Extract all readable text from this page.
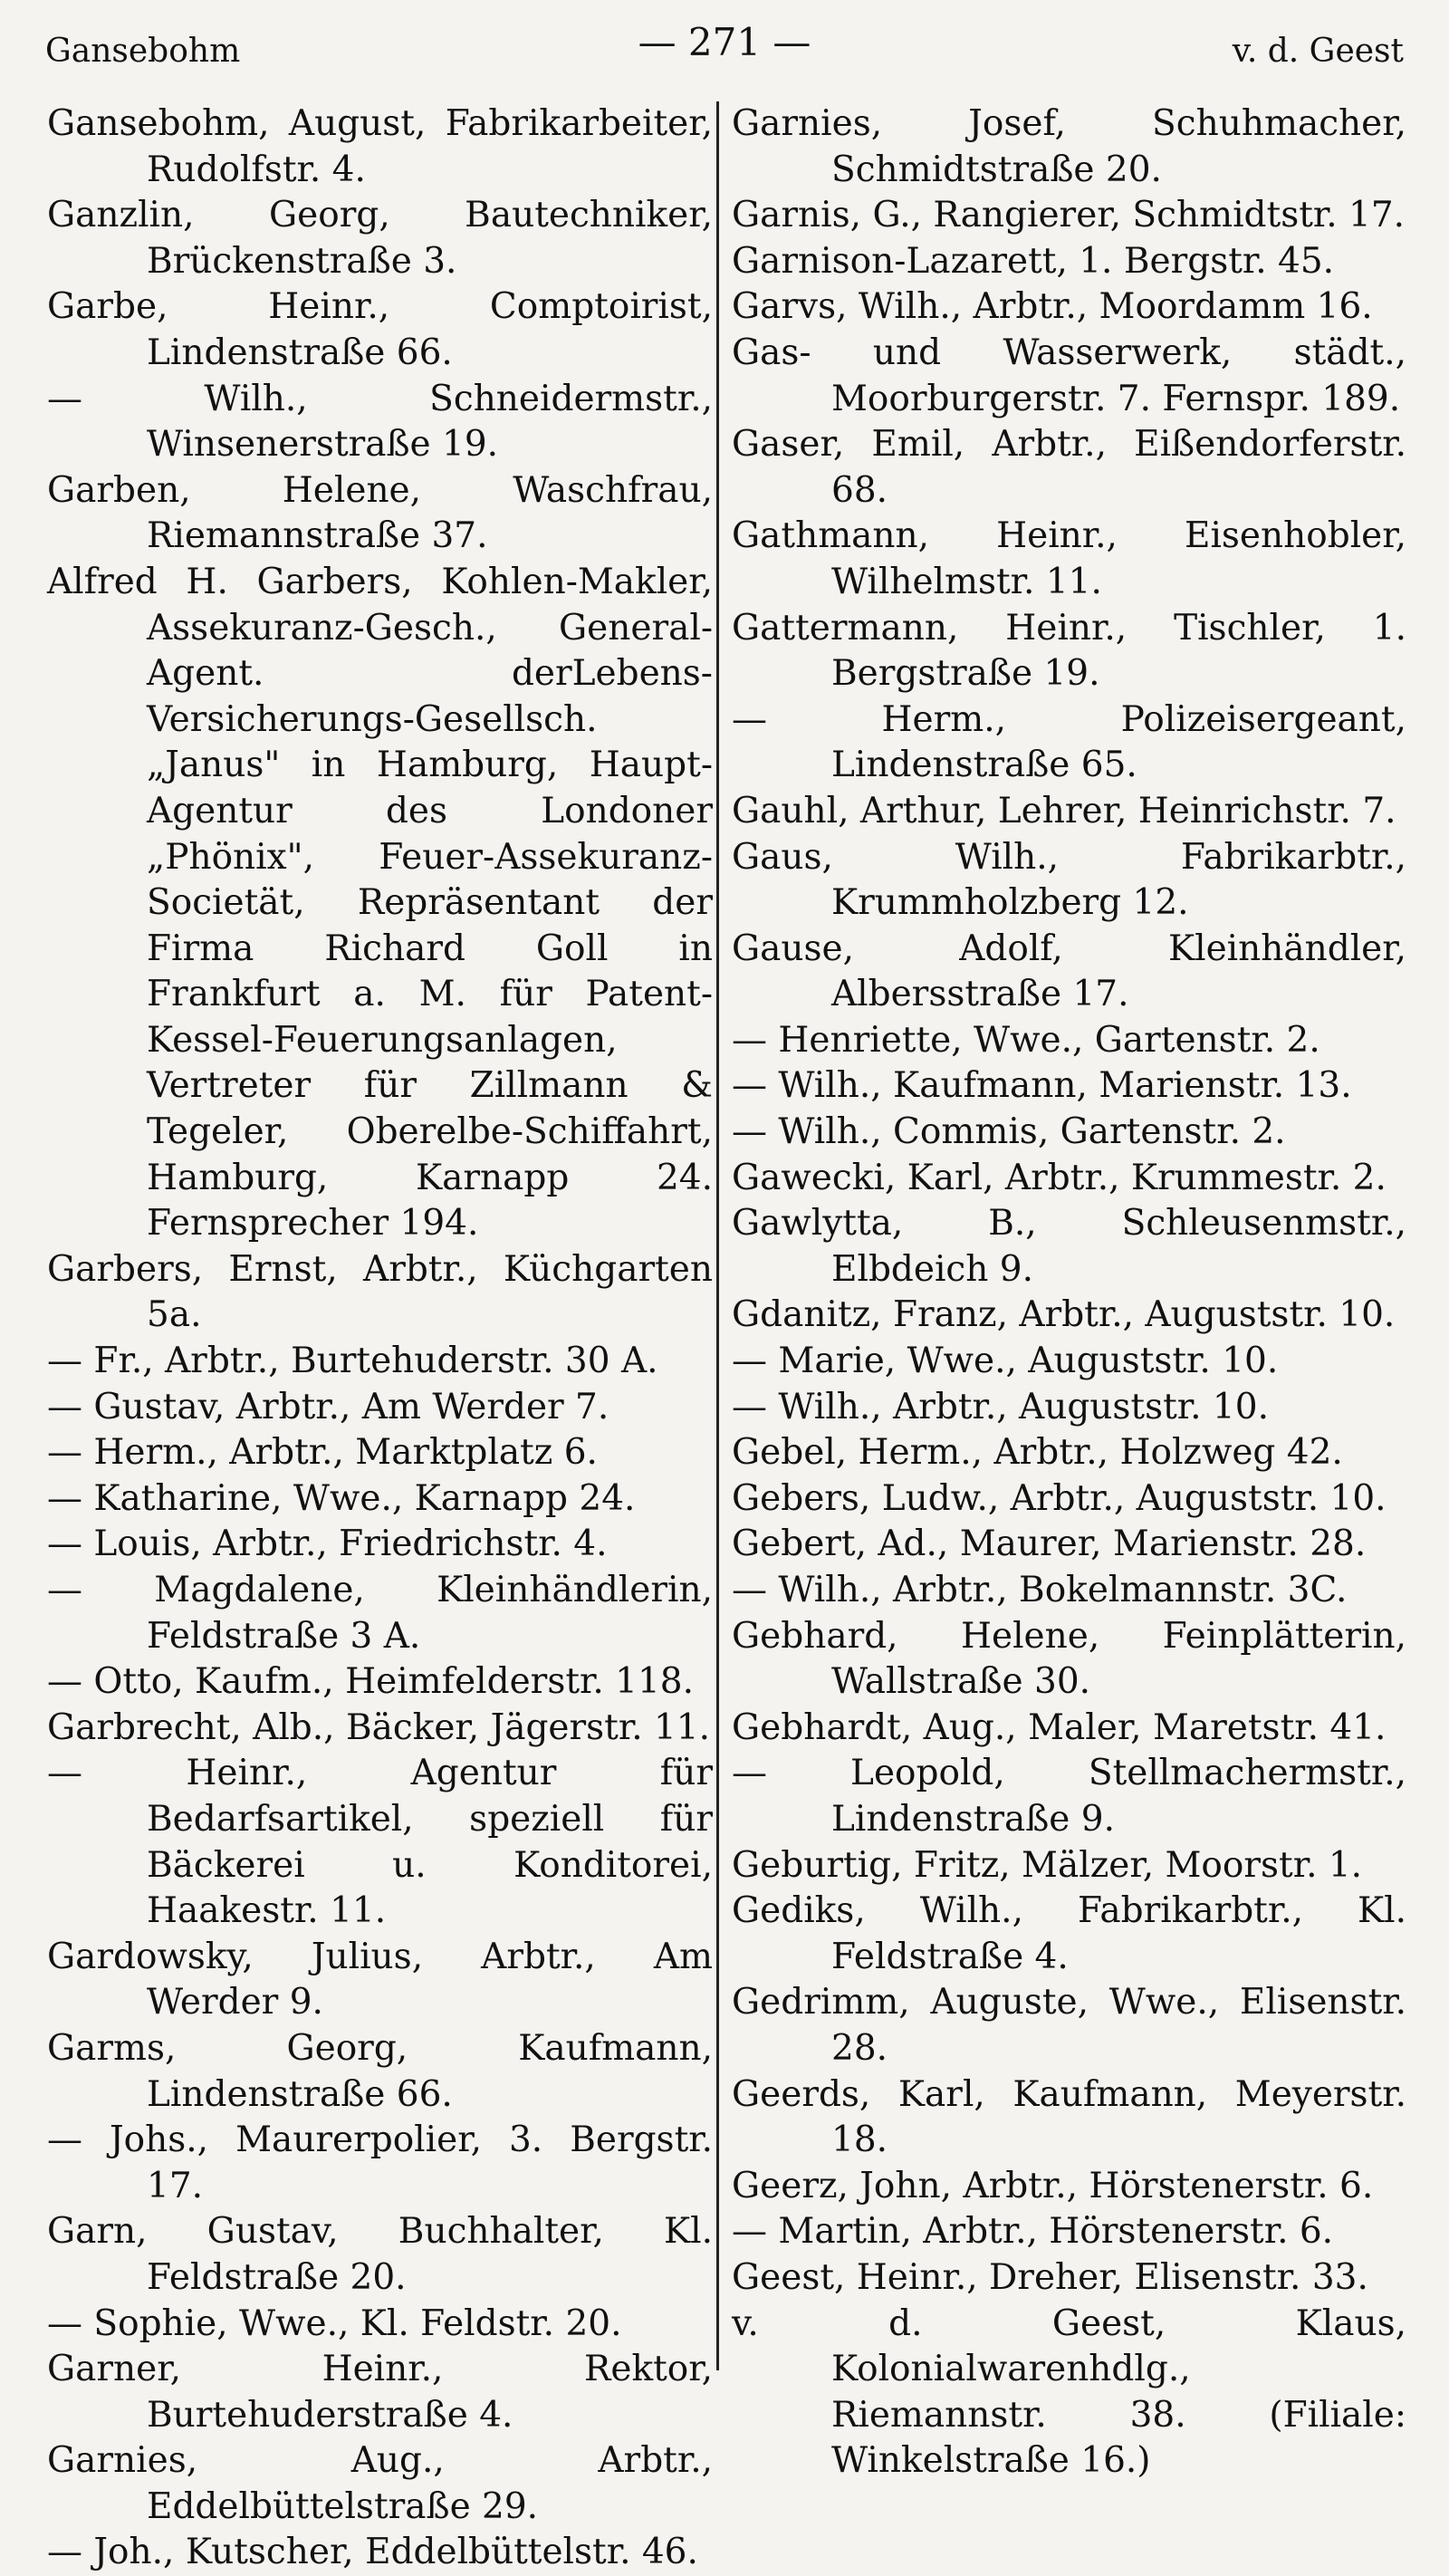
Gansebohm	— 271 —	v. d. Geest
Gansebohm, August, Fabrikarbeiter, Rudolfstr. 4.
Ganzlin, Georg, Bautechniker, Brückenstraße 3.
Garbe, Heinr., Comptoirist, Lindenstraße 66.
— Wilh., Schneidermstr., Winsenerstraße 19.
Garben, Helene, Waschfrau, Riemannstraße 37.
Alfred H. Garbers, Kohlen-Makler, Assekuranz-Gesch., General-Agent. derLebens-Versicherungs-Gesellsch. „Janus" in Hamburg, Haupt-Agentur des Londoner „Phönix", Feuer-Assekuranz-Societät, Repräsentant der Firma Richard Goll in Frankfurt a. M. für Patent-Kessel-Feuerungsanlagen, Vertreter für Zillmann & Tegeler, Oberelbe-Schiffahrt, Hamburg, Karnapp 24. Fernsprecher 194.
Garbers, Ernst, Arbtr., Küchgarten 5a.
— Fr., Arbtr., Burtehuderstr. 30 A.
— Gustav, Arbtr., Am Werder 7.
— Herm., Arbtr., Marktplatz 6.
— Katharine, Wwe., Karnapp 24.
— Louis, Arbtr., Friedrichstr. 4.
— Magdalene, Kleinhändlerin, Feldstraße 3 A.
— Otto, Kaufm., Heimfelderstr. 118.
Garbrecht, Alb., Bäcker, Jägerstr. 11.
— Heinr., Agentur für Bedarfsartikel, speziell für Bäckerei u. Konditorei, Haakestr. 11.
Gardowsky, Julius, Arbtr., Am Werder 9.
Garms, Georg, Kaufmann, Lindenstraße 66.
— Johs., Maurerpolier, 3. Bergstr. 17.
Garn, Gustav, Buchhalter, Kl. Feldstraße 20.
— Sophie, Wwe., Kl. Feldstr. 20.
Garner, Heinr., Rektor, Burtehuderstraße 4.
Garnies, Aug., Arbtr., Eddelbüttelstraße 29.
— Joh., Kutscher, Eddelbüttelstr. 46.
Garnies, Josef, Schuhmacher, Schmidtstraße 20.
Garnis, G., Rangierer, Schmidtstr. 17.
Garnison-Lazarett, 1. Bergstr. 45.
Garvs, Wilh., Arbtr., Moordamm 16.
Gas- und Wasserwerk, städt., Moorburgerstr. 7. Fernspr. 189.
Gaser, Emil, Arbtr., Eißendorferstr. 68.
Gathmann, Heinr., Eisenhobler, Wilhelmstr. 11.
Gattermann, Heinr., Tischler, 1. Bergstraße 19.
— Herm., Polizeisergeant, Lindenstraße 65.
Gauhl, Arthur, Lehrer, Heinrichstr. 7.
Gaus, Wilh., Fabrikarbtr., Krummholzberg 12.
Gause, Adolf, Kleinhändler, Albersstraße 17.
— Henriette, Wwe., Gartenstr. 2.
— Wilh., Kaufmann, Marienstr. 13.
— Wilh., Commis, Gartenstr. 2.
Gawecki, Karl, Arbtr., Krummestr. 2.
Gawlytta, B., Schleusenmstr., Elbdeich 9.
Gdanitz, Franz, Arbtr., Auguststr. 10.
— Marie, Wwe., Auguststr. 10.
— Wilh., Arbtr., Auguststr. 10.
Gebel, Herm., Arbtr., Holzweg 42.
Gebers, Ludw., Arbtr., Auguststr. 10.
Gebert, Ad., Maurer, Marienstr. 28.
— Wilh., Arbtr., Bokelmannstr. 3C.
Gebhard, Helene, Feinplätterin, Wallstraße 30.
Gebhardt, Aug., Maler, Maretstr. 41.
— Leopold, Stellmachermstr., Lindenstraße 9.
Geburtig, Fritz, Mälzer, Moorstr. 1.
Gediks, Wilh., Fabrikarbtr., Kl. Feldstraße 4.
Gedrimm, Auguste, Wwe., Elisenstr. 28.
Geerds, Karl, Kaufmann, Meyerstr. 18.
Geerz, John, Arbtr., Hörstenerstr. 6.
— Martin, Arbtr., Hörstenerstr. 6.
Geest, Heinr., Dreher, Elisenstr. 33.
v. d. Geest, Klaus, Kolonialwarenhdlg., Riemannstr. 38. (Filiale: Winkelstraße 16.)
